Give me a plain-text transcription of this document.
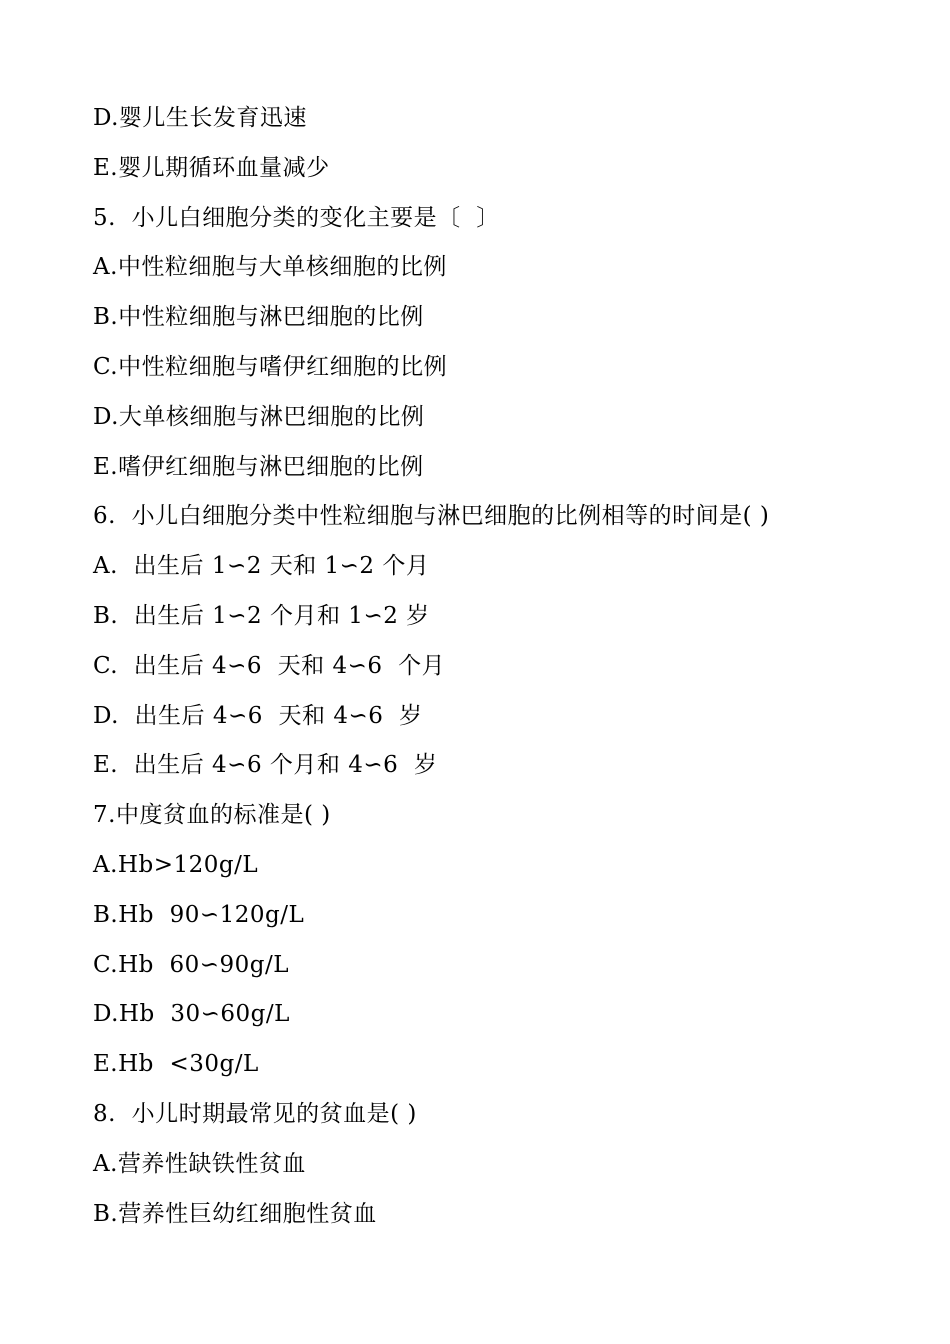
D.婴儿生长发育迅速
E.婴儿期循环血量减少
5.  小儿白细胞分类的变化主要是〔  〕
A.中性粒细胞与大单核细胞的比例
B.中性粒细胞与淋巴细胞的比例
C.中性粒细胞与嗜伊红细胞的比例
D.大单核细胞与淋巴细胞的比例
E.嗜伊红细胞与淋巴细胞的比例
6.  小儿白细胞分类中性粒细胞与淋巴细胞的比例相等的时间是( )
A.  出生后 1∽2 天和 1∽2 个月
B.  出生后 1∽2 个月和 1∽2 岁
C.  出生后 4∽6  天和 4∽6  个月
D.  出生后 4∽6  天和 4∽6  岁
E.  出生后 4∽6 个月和 4∽6  岁
7.中度贫血的标准是( )
A.Hb>120g/L
B.Hb  90∽120g/L
C.Hb  60∽90g/L
D.Hb  30∽60g/L
E.Hb  <30g/L
8.  小儿时期最常见的贫血是( )
A.营养性缺铁性贫血
B.营养性巨幼红细胞性贫血
